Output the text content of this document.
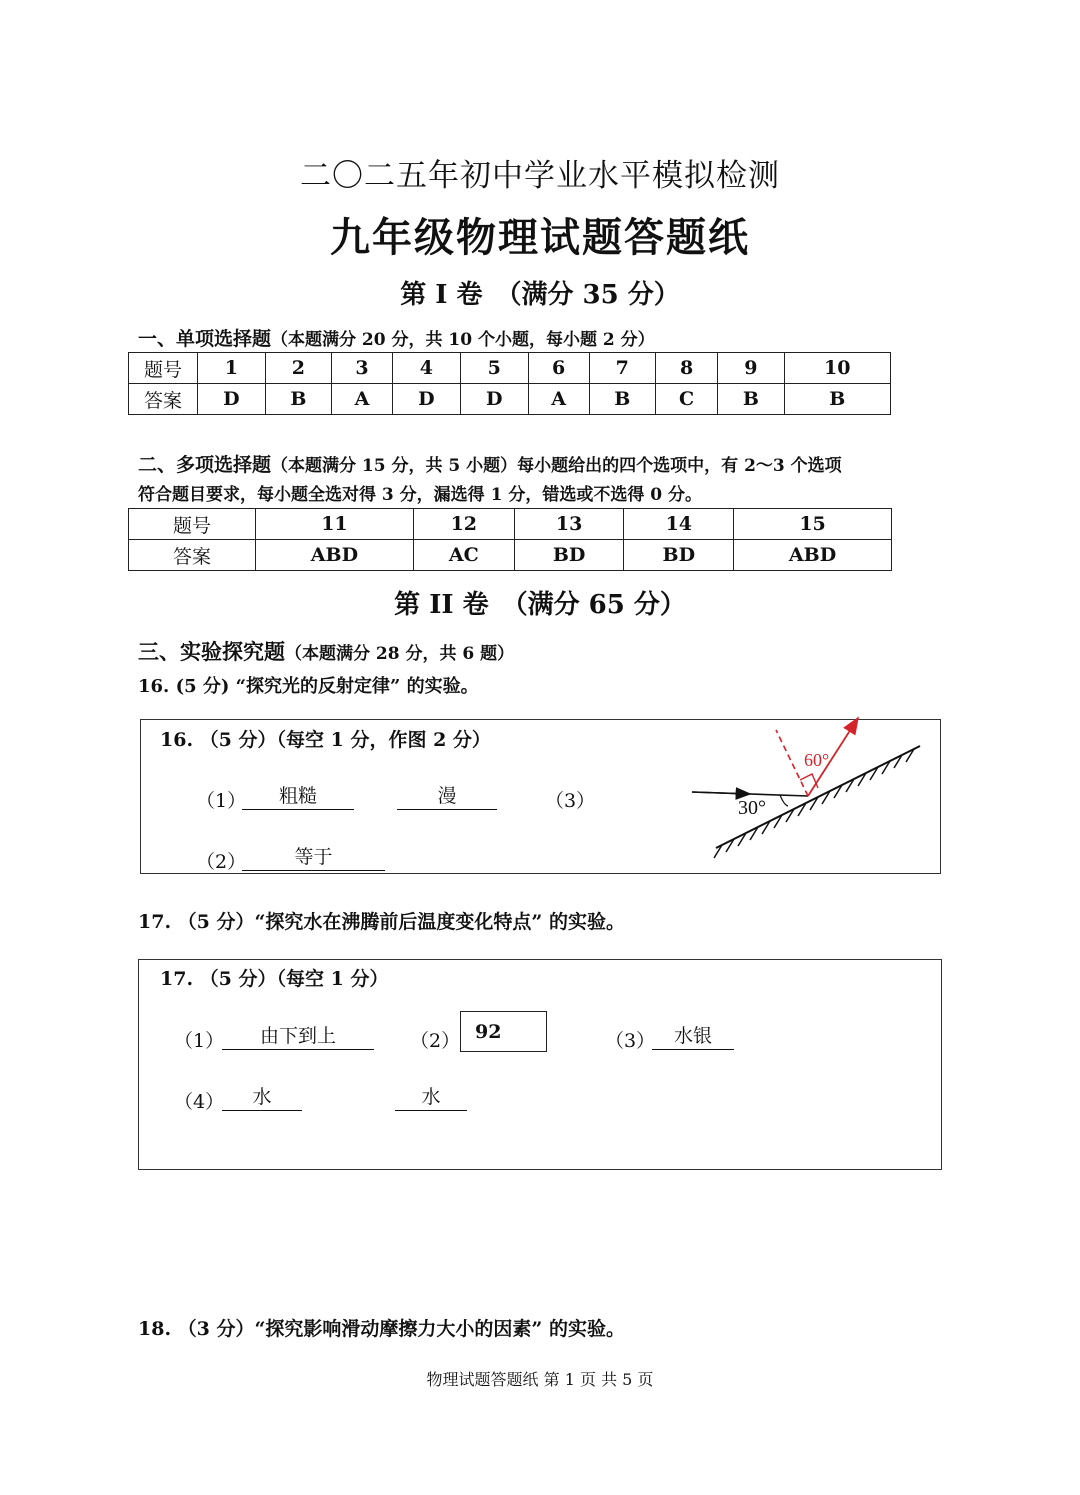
二〇二五年初中学业水平模拟检测
九年级物理试题答题纸
第 I 卷　（满分 35 分）
一、单项选择题（本题满分 20 分，共 10 个小题，每小题 2 分）
题号	1	2	3	4	5	6	7	8	9	10
答案	D	B	A	D	D	A	B	C	B	B
二、多项选择题（本题满分 15 分，共 5 小题）每小题给出的四个选项中，有 2～3 个选项
符合题目要求，每小题全选对得 3 分，漏选得 1 分，错选或不选得 0 分。
题号	11	12	13	14	15
答案	ABD	AC	BD	BD	ABD
第 II 卷　（满分 65 分）
三、实验探究题（本题满分 28 分，共 6 题）
16. (5 分) “探究光的反射定律” 的实验。
16. （5 分）（每空 1 分，作图 2 分）
（1）	粗糙	漫	（3）
（2）	等于
30°
60°
17. （5 分）“探究水在沸腾前后温度变化特点” 的实验。
17. （5 分）（每空 1 分）
（1）	由下到上	（2） 92	（3） 水银
（4）	水	水
18. （3 分）“探究影响滑动摩擦力大小的因素” 的实验。
物理试题答题纸 第 1 页 共 5 页
